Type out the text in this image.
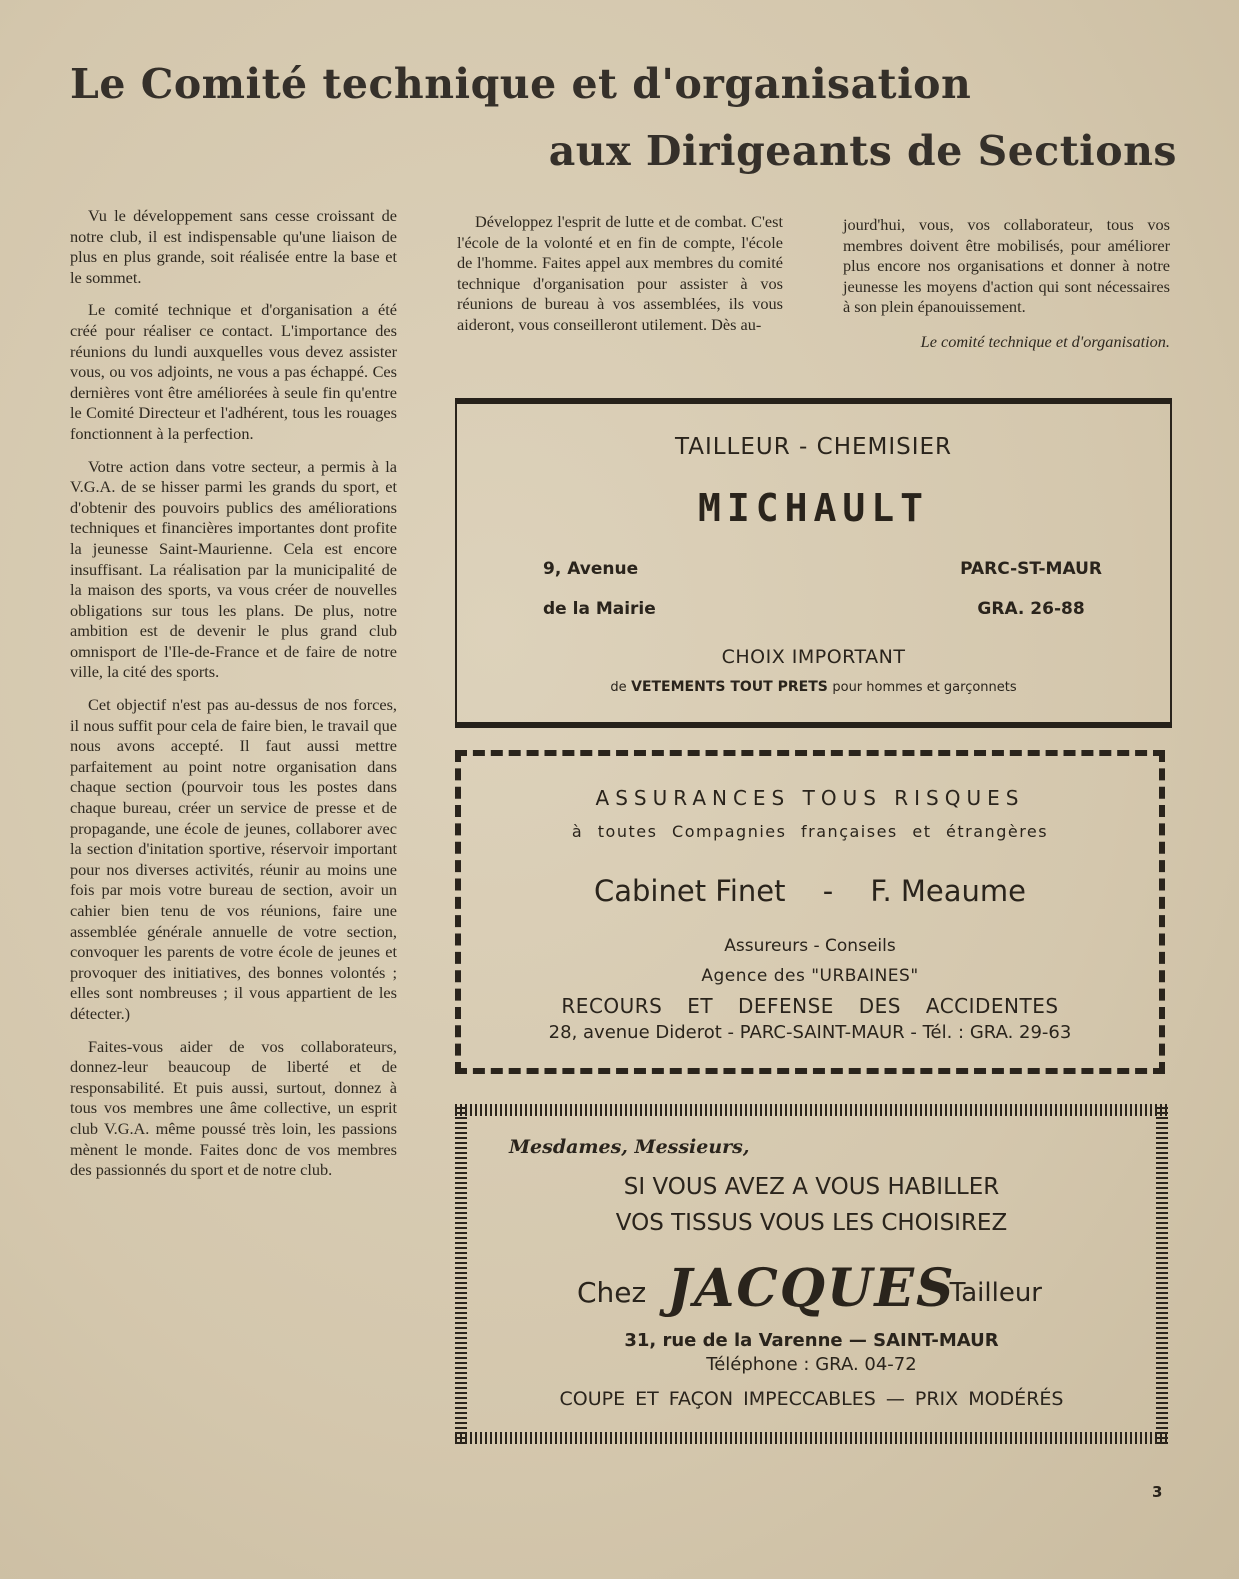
Le Comité technique et d'organisation
aux Dirigeants de Sections

Vu le développement sans cesse croissant de notre club, il est indispensable qu'une liaison de plus en plus grande, soit réalisée entre la base et le sommet.

Le comité technique et d'organisation a été créé pour réaliser ce contact. L'importance des réunions du lundi auxquelles vous devez assister vous, ou vos adjoints, ne vous a pas échappé. Ces dernières vont être améliorées à seule fin qu'entre le Comité Directeur et l'adhérent, tous les rouages fonctionnent à la perfection.

Votre action dans votre secteur, a permis à la V.G.A. de se hisser parmi les grands du sport, et d'obtenir des pouvoirs publics des améliorations techniques et financières importantes dont profite la jeunesse Saint-Maurienne. Cela est encore insuffisant. La réalisation par la municipalité de la maison des sports, va vous créer de nouvelles obligations sur tous les plans. De plus, notre ambition est de devenir le plus grand club omnisport de l'Ile-de-France et de faire de notre ville, la cité des sports.

Cet objectif n'est pas au-dessus de nos forces, il nous suffit pour cela de faire bien, le travail que nous avons accepté. Il faut aussi mettre parfaitement au point notre organisation dans chaque section (pourvoir tous les postes dans chaque bureau, créer un service de presse et de propagande, une école de jeunes, collaborer avec la section d'initation sportive, réservoir important pour nos diverses activités, réunir au moins une fois par mois votre bureau de section, avoir un cahier bien tenu de vos réunions, faire une assemblée générale annuelle de votre section, convoquer les parents de votre école de jeunes et provoquer des initiatives, des bonnes volontés ; elles sont nombreuses ; il vous appartient de les détecter.)

Faites-vous aider de vos collaborateurs, donnez-leur beaucoup de liberté et de responsabilité. Et puis aussi, surtout, donnez à tous vos membres une âme collective, un esprit club V.G.A. même poussé très loin, les passions mènent le monde. Faites donc de vos membres des passionnés du sport et de notre club.

Développez l'esprit de lutte et de combat. C'est l'école de la volonté et en fin de compte, l'école de l'homme. Faites appel aux membres du comité technique d'organisation pour assister à vos réunions de bureau à vos assemblées, ils vous aideront, vous conseilleront utilement. Dès au-

jourd'hui, vous, vos collaborateur, tous vos membres doivent être mobilisés, pour améliorer plus encore nos organisations et donner à notre jeunesse les moyens d'action qui sont nécessaires à son plein épanouissement.

Le comité technique et d'organisation.

TAILLEUR - CHEMISIER
MICHAULT
9, Avenue
de la Mairie
PARC-ST-MAUR
GRA. 26-88
CHOIX IMPORTANT
de VETEMENTS TOUT PRETS pour hommes et garçonnets
ASSURANCES TOUS RISQUES
à toutes Compagnies françaises et étrangères
Cabinet Finet - F. Meaume
Assureurs - Conseils
Agence des "URBAINES"
RECOURS ET DEFENSE DES ACCIDENTES
28, avenue Diderot - PARC-SAINT-MAUR - Tél. : GRA. 29-63
Mesdames, Messieurs,
SI VOUS AVEZ A VOUS HABILLER
VOS TISSUS VOUS LES CHOISIREZ
Chez JACQUES
Tailleur
31, rue de la Varenne — SAINT-MAUR
Téléphone : GRA. 04-72
COUPE ET FAÇON IMPECCABLES — PRIX MODÉRÉS
3
